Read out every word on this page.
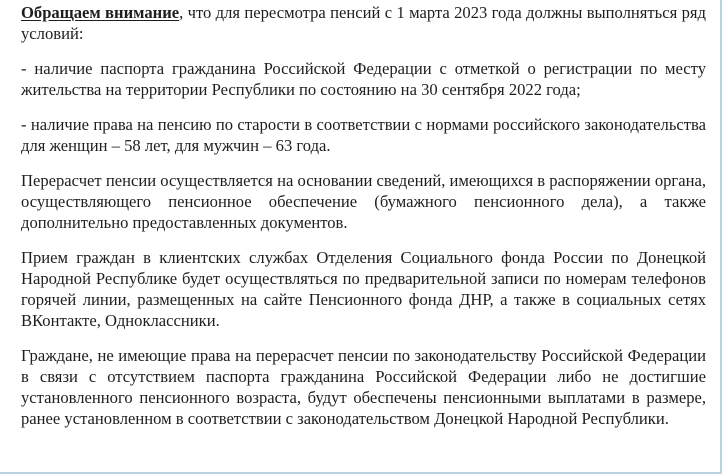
Обращаем внимание, что для пересмотра пенсий с 1 марта 2023 года должны выполняться ряд условий:

- наличие паспорта гражданина Российской Федерации с отметкой о регистрации по месту жительства на территории Республики по состоянию на 30 сентября 2022 года;

- наличие права на пенсию по старости в соответствии с нормами российского законодательства для женщин – 58 лет, для мужчин – 63 года.

Перерасчет пенсии осуществляется на основании сведений, имеющихся в распоряжении органа, осуществляющего пенсионное обеспечение (бумажного пенсионного дела), а также дополнительно предоставленных документов.

Прием граждан в клиентских службах Отделения Социального фонда России по Донецкой Народной Республике будет осуществляться по предварительной записи по номерам телефонов горячей линии, размещенных на сайте Пенсионного фонда ДНР, а также в социальных сетях ВКонтакте, Одноклассники.

Граждане, не имеющие права на перерасчет пенсии по законодательству Российской Федерации в связи с отсутствием паспорта гражданина Российской Федерации либо не достигшие установленного пенсионного возраста, будут обеспечены пенсионными выплатами в размере, ранее установленном в соответствии с законодательством Донецкой Народной Республики.
